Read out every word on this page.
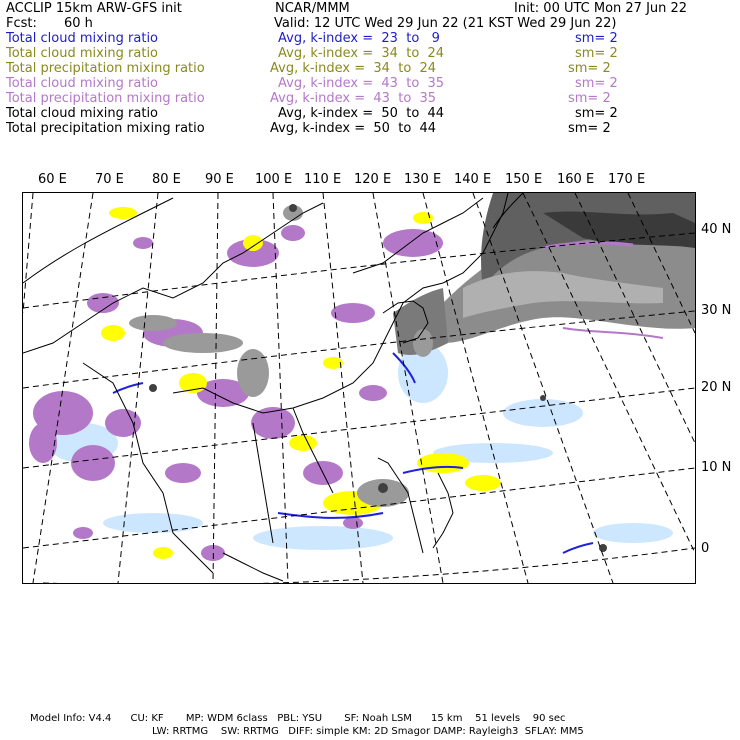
ACCLIP 15km ARW-GFS init	NCAR/MMM	Init: 00 UTC Mon 27 Jun 22
Fcst: 60 h	Valid: 12 UTC Wed 29 Jun 22 (21 KST Wed 29 Jun 22)
Total cloud mixing ratio	Avg, k-index =  23  to   9	sm= 2
Total cloud mixing ratio	Avg, k-index =  34  to  24	sm= 2
Total precipitation mixing ratio	Avg, k-index =  34  to  24	sm= 2
Total cloud mixing ratio	Avg, k-index =  43  to  35	sm= 2
Total precipitation mixing ratio	Avg, k-index =  43  to  35	sm= 2
Total cloud mixing ratio	Avg, k-index =  50  to  44	sm= 2
Total precipitation mixing ratio	Avg, k-index =  50  to  44	sm= 2
60 E 70 E 80 E 90 E 100 E 110 E 120 E 130 E 140 E 150 E 160 E 170 E
40 N
30 N
20 N
10 N
0
Model Info: V4.4      CU: KF       MP: WDM 6class   PBL: YSU       SF: Noah LSM      15 km    51 levels    90 sec
LW: RRTMG    SW: RRTMG   DIFF: simple KM: 2D Smagor DAMP: Rayleigh3  SFLAY: MM5
